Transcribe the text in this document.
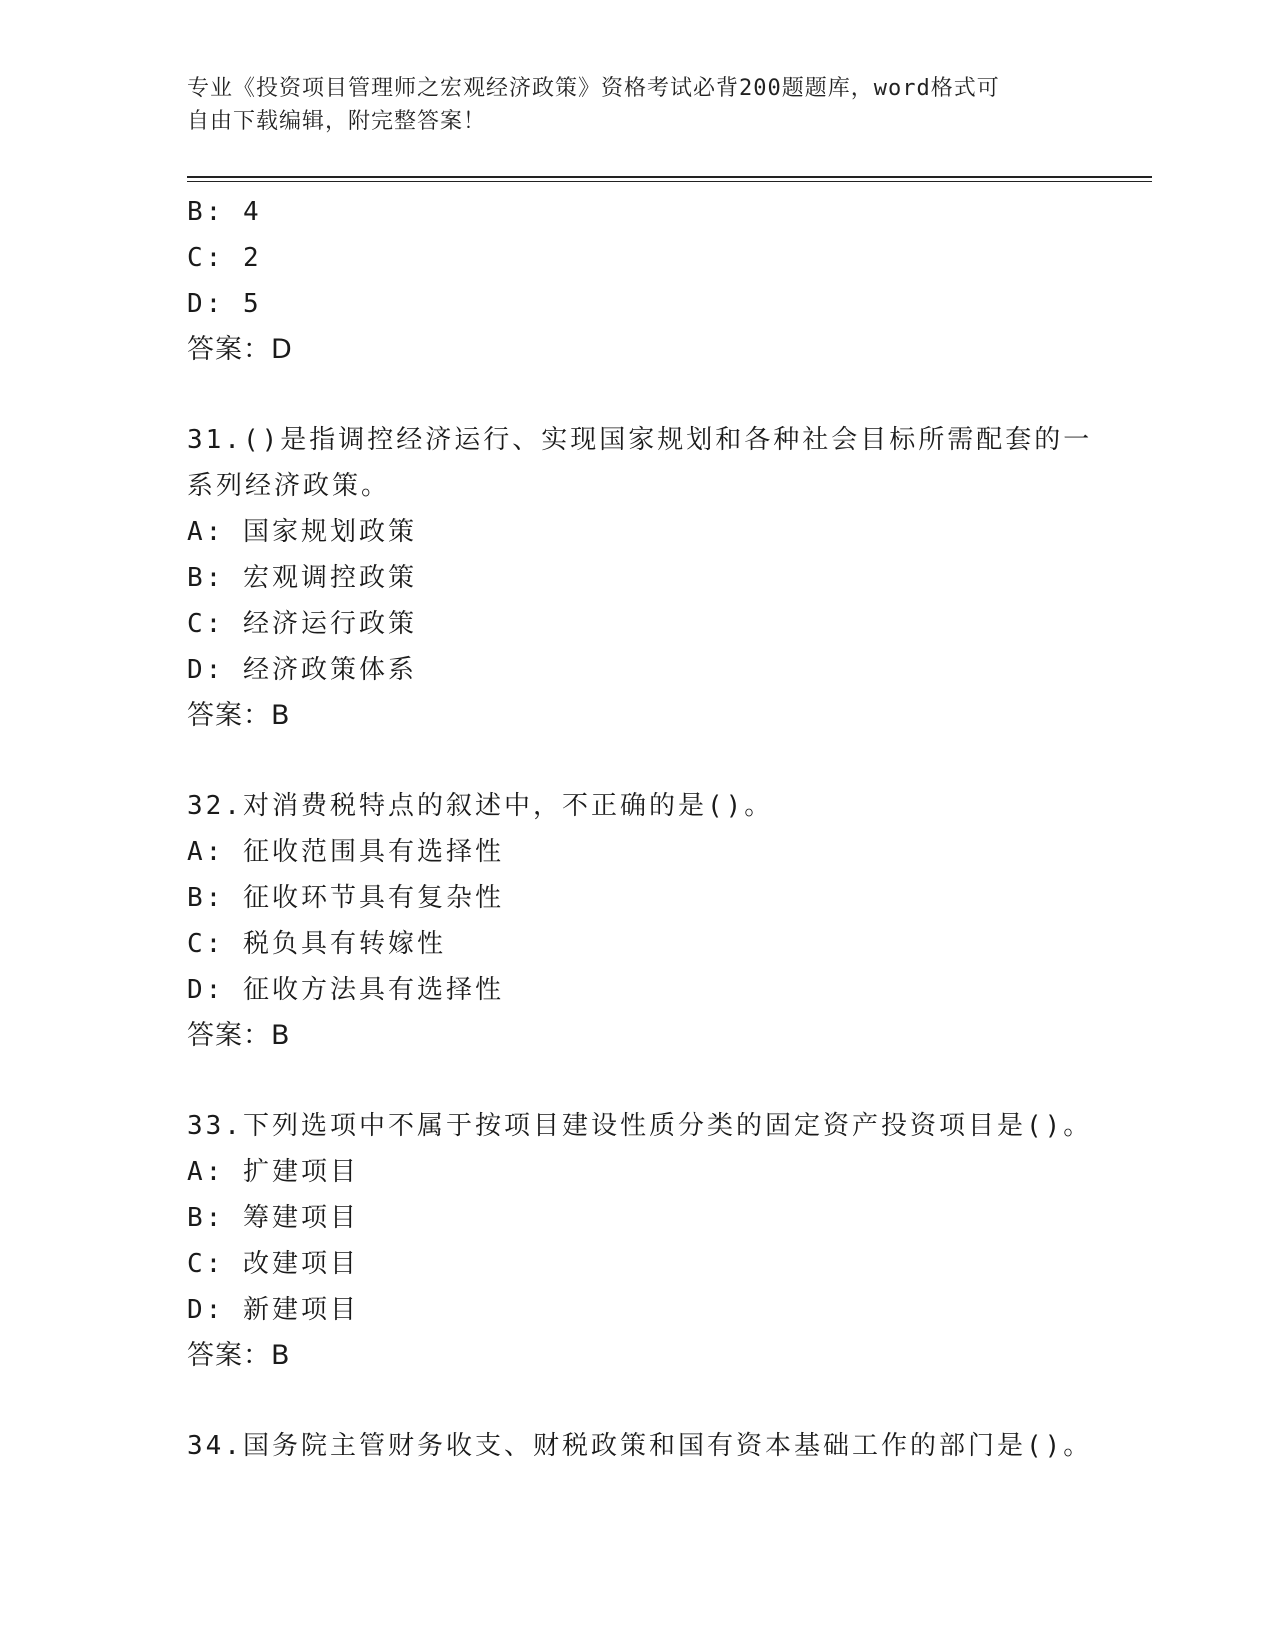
专业《投资项目管理师之宏观经济政策》资格考试必背200题题库，word格式可
自由下载编辑，附完整答案！
B: 4
C: 2
D: 5
答案：D
31.()是指调控经济运行、实现国家规划和各种社会目标所需配套的一
系列经济政策。
A: 国家规划政策
B: 宏观调控政策
C: 经济运行政策
D: 经济政策体系
答案：B
32.对消费税特点的叙述中，不正确的是()。
A: 征收范围具有选择性
B: 征收环节具有复杂性
C: 税负具有转嫁性
D: 征收方法具有选择性
答案：B
33.下列选项中不属于按项目建设性质分类的固定资产投资项目是()。
A: 扩建项目
B: 筹建项目
C: 改建项目
D: 新建项目
答案：B
34.国务院主管财务收支、财税政策和国有资本基础工作的部门是()。
